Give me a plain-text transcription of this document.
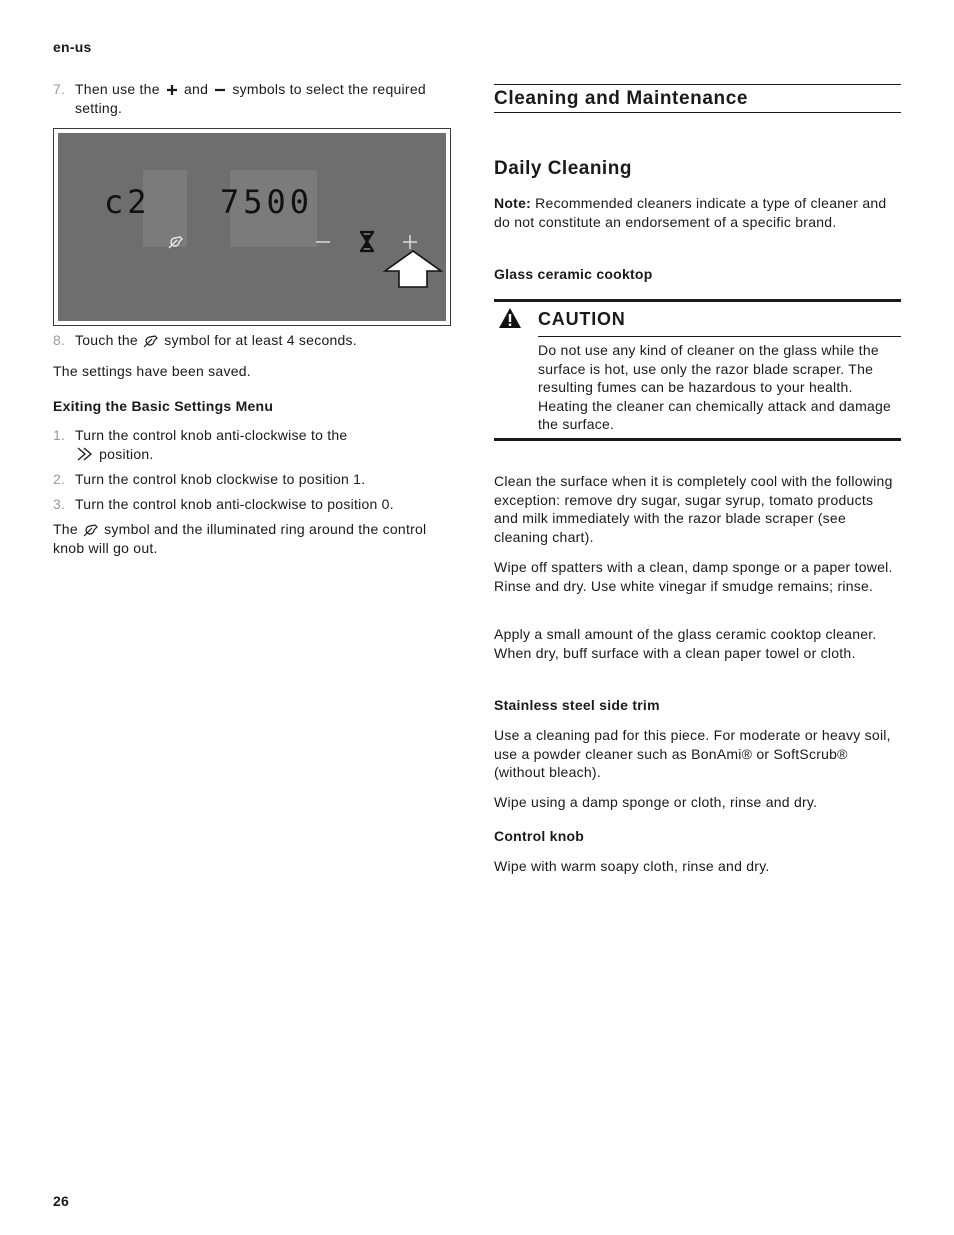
en-us

7. Then use the and symbols to select the required setting.

c2 7500

8. Touch the symbol for at least 4 seconds.

The settings have been saved.

Exiting the Basic Settings Menu

1. Turn the control knob anti-clockwise to the
position.

2. Turn the control knob clockwise to position 1.

3. Turn the control knob anti-clockwise to position 0.

The symbol and the illuminated ring around the control knob will go out.

Cleaning and Maintenance
Daily Cleaning

Note: Recommended cleaners indicate a type of cleaner and do not constitute an endorsement of a specific brand.

Glass ceramic cooktop

CAUTION

Do not use any kind of cleaner on the glass while the surface is hot, use only the razor blade scraper. The resulting fumes can be hazardous to your health. Heating the cleaner can chemically attack and damage the surface.

Clean the surface when it is completely cool with the following exception: remove dry sugar, sugar syrup, tomato products and milk immediately with the razor blade scraper (see cleaning chart).

Wipe off spatters with a clean, damp sponge or a paper towel. Rinse and dry. Use white vinegar if smudge remains; rinse.

Apply a small amount of the glass ceramic cooktop cleaner. When dry, buff surface with a clean paper towel or cloth.

Stainless steel side trim

Use a cleaning pad for this piece. For moderate or heavy soil, use a powder cleaner such as BonAmi® or SoftScrub® (without bleach).

Wipe using a damp sponge or cloth, rinse and dry.

Control knob

Wipe with warm soapy cloth, rinse and dry.

26
